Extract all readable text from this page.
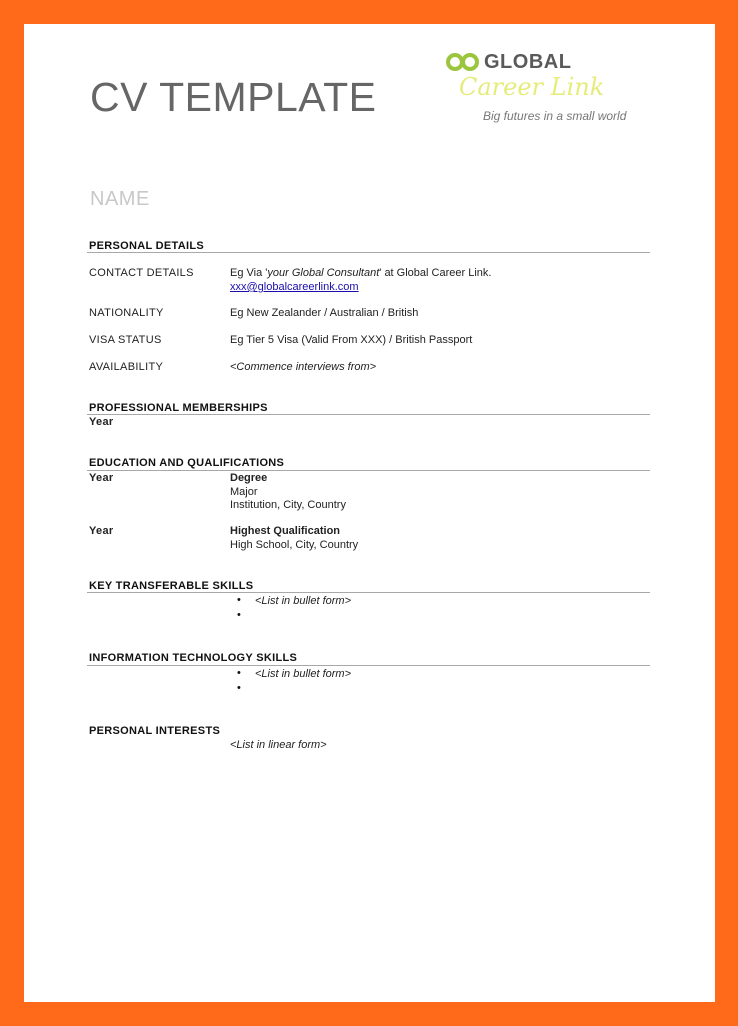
CV TEMPLATE
GLOBAL
Career Link
Big futures in a small world
NAME
PERSONAL DETAILS
CONTACT DETAILS	Eg Via 'your Global Consultant' at Global Career Link.
xxx@globalcareerlink.com
NATIONALITY	Eg New Zealander / Australian / British
VISA STATUS	Eg Tier 5 Visa (Valid From XXX) / British Passport
AVAILABILITY	<Commence interviews from>
PROFESSIONAL MEMBERSHIPS
Year
EDUCATION AND QUALIFICATIONS
Year	Degree
Major
Institution, City, Country
Year	Highest Qualification
High School, City, Country
KEY TRANSFERABLE SKILLS
• <List in bullet form>
•
INFORMATION TECHNOLOGY SKILLS
• <List in bullet form>
•
PERSONAL INTERESTS
<List in linear form>
